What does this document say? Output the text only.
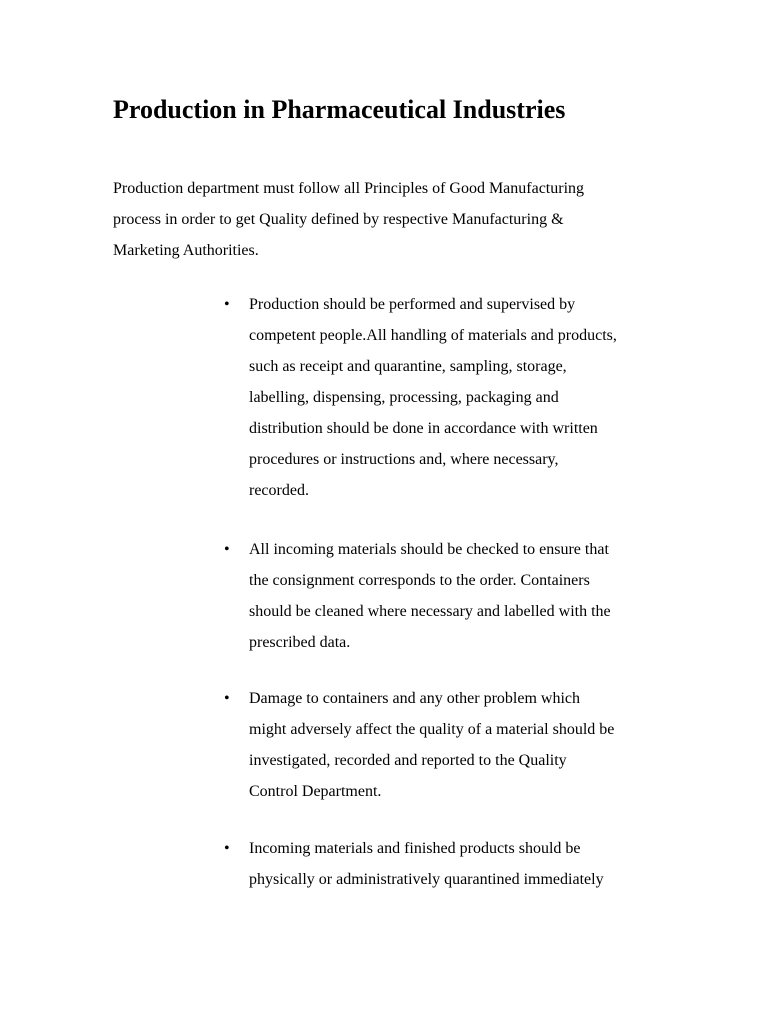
Production in Pharmaceutical Industries

Production department must follow all Principles of Good Manufacturing
process in order to get Quality defined by respective Manufacturing &
Marketing Authorities.

•	Production should be performed and supervised by
competent people.All handling of materials and products,
such as receipt and quarantine, sampling, storage,
labelling, dispensing, processing, packaging and
distribution should be done in accordance with written
procedures or instructions and, where necessary,
recorded.

•	All incoming materials should be checked to ensure that
the consignment corresponds to the order. Containers
should be cleaned where necessary and labelled with the
prescribed data.

•	Damage to containers and any other problem which
might adversely affect the quality of a material should be
investigated, recorded and reported to the Quality
Control Department.

•	Incoming materials and finished products should be
physically or administratively quarantined immediately
